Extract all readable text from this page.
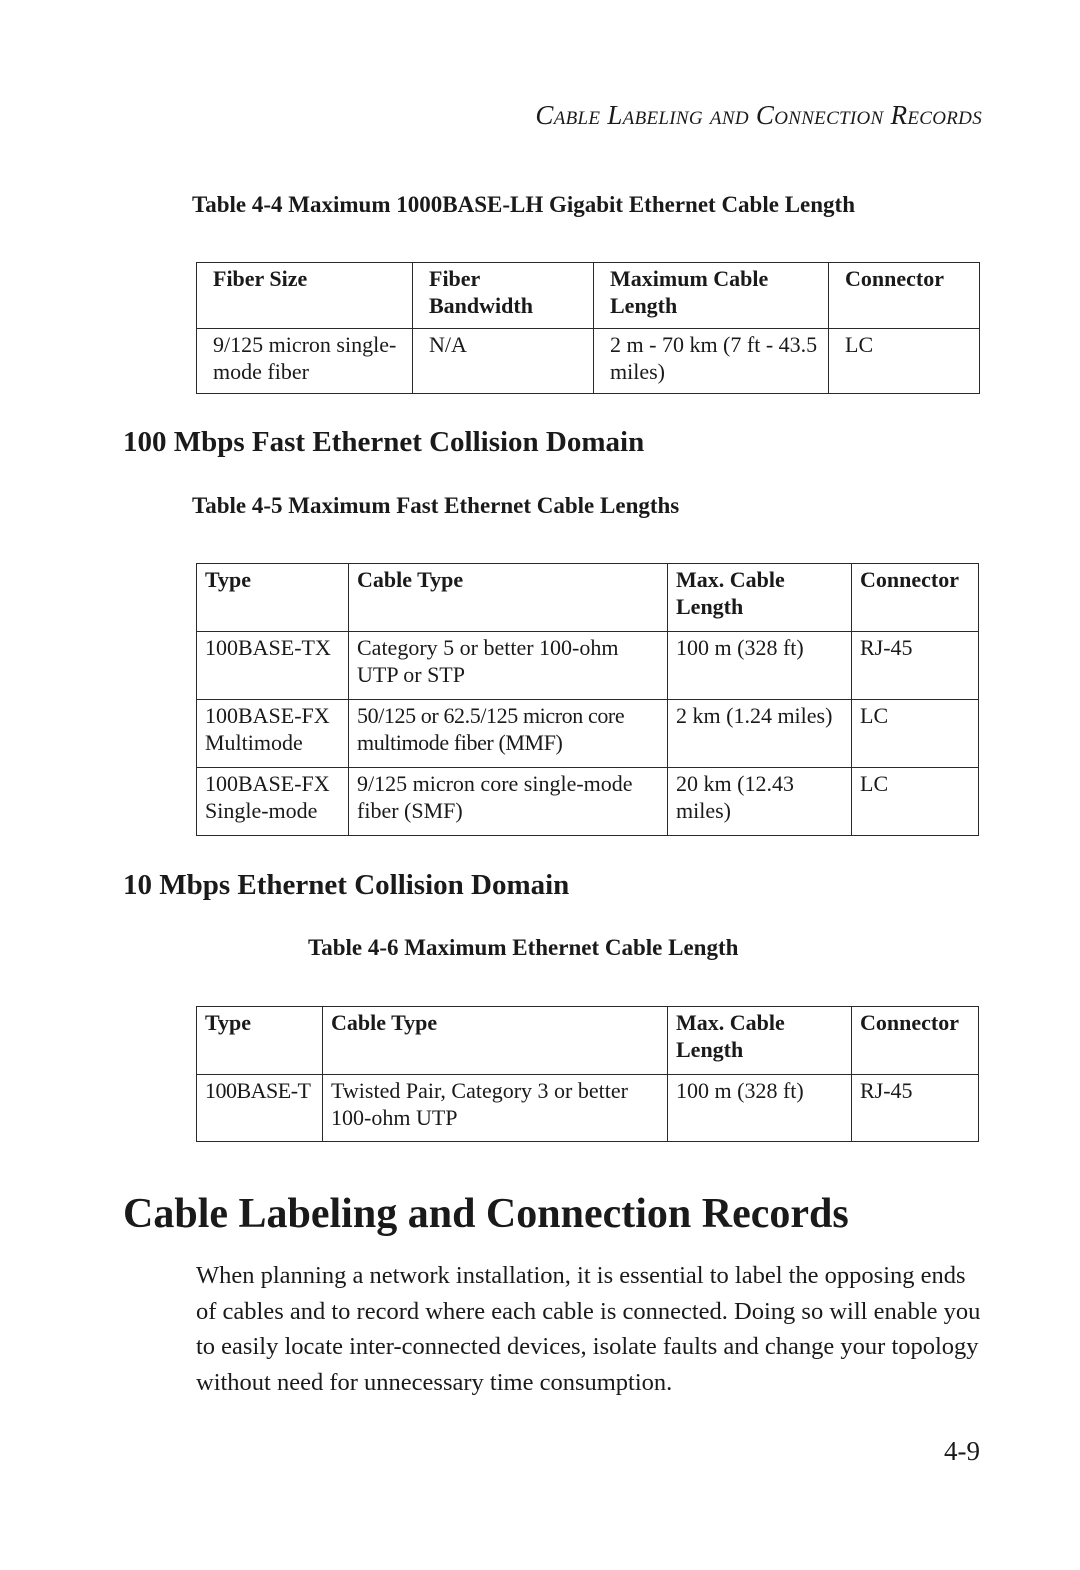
Cable Labeling and Connection Records
Table 4-4 Maximum 1000BASE-LH Gigabit Ethernet Cable Length
Fiber Size	Fiber Bandwidth	Maximum Cable Length	Connector
9/125 micron single-mode fiber	N/A	2 m - 70 km (7 ft - 43.5 miles)	LC
100 Mbps Fast Ethernet Collision Domain
Table 4-5 Maximum Fast Ethernet Cable Lengths
Type	Cable Type	Max. Cable Length	Connector
100BASE-TX	Category 5 or better 100-ohm UTP or STP	100 m (328 ft)	RJ-45
100BASE-FX Multimode	50/125 or 62.5/125 micron core multimode fiber (MMF)	2 km (1.24 miles)	LC
100BASE-FX Single-mode	9/125 micron core single-mode fiber (SMF)	20 km (12.43 miles)	LC
10 Mbps Ethernet Collision Domain
Table 4-6 Maximum Ethernet Cable Length
Type	Cable Type	Max. Cable Length	Connector
100BASE-T	Twisted Pair, Category 3 or better 100-ohm UTP	100 m (328 ft)	RJ-45
Cable Labeling and Connection Records

When planning a network installation, it is essential to label the opposing ends of cables and to record where each cable is connected. Doing so will enable you to easily locate inter-connected devices, isolate faults and change your topology without need for unnecessary time consumption.

4-9
